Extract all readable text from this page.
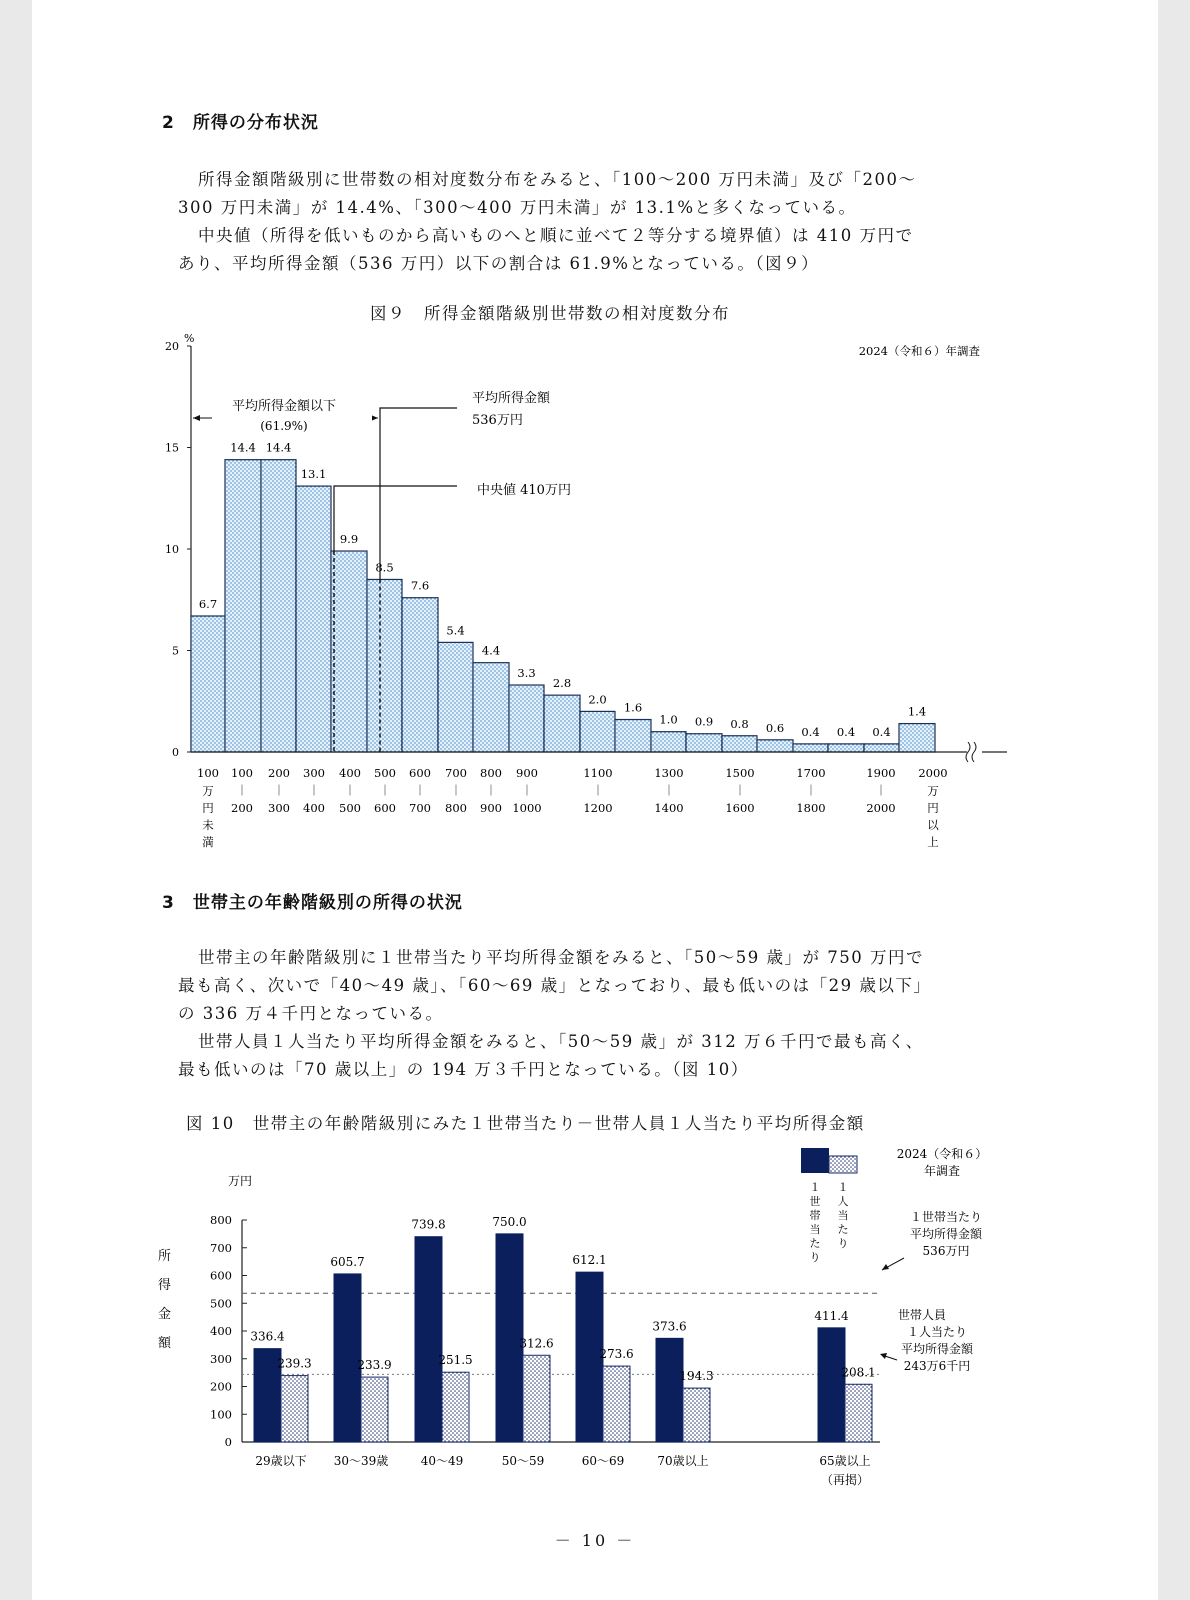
2　所得の分布状況
所得金額階級別に世帯数の相対度数分布をみると、「100～200 万円未満」及び「200～
300 万円未満」が 14.4%、「300～400 万円未満」が 13.1%と多くなっている。
中央値（所得を低いものから高いものへと順に並べて２等分する境界値）は 410 万円で
あり、平均所得金額（536 万円）以下の割合は 61.9%となっている。（図９）
図９　所得金額階級別世帯数の相対度数分布
%
0
5
10
15
20
6.7
14.4 14.4
13.1
9.9
8.5
7.6
5.4
4.4
3.3
2.8
2.0
1.6
1.0 0.9 0.8 0.6 0.4 0.4 0.4
1.4
中央値 410万円
平均所得金額
536万円
平均所得金額以下
(61.9%)
2024（令和６）年調査
100 100 200 300 400 500 600 700 800 900	1100	1300	1500	1700	1900 2000
万
円
未
満
万
円
以
上
｜
200
｜
300
｜
400
｜
500
｜
600
｜
700
｜
800
｜
900
｜
1000
｜
1200
｜
1400
｜
1600
｜
1800
｜
2000
3　世帯主の年齢階級別の所得の状況
世帯主の年齢階級別に１世帯当たり平均所得金額をみると、「50～59 歳」が 750 万円で
最も高く、次いで「40～49 歳」、「60～69 歳」となっており、最も低いのは「29 歳以下」
の 336 万４千円となっている。
世帯人員１人当たり平均所得金額をみると、「50～59 歳」が 312 万６千円で最も高く、
最も低いのは「70 歳以上」の 194 万３千円となっている。（図 10）
図 10　世帯主の年齢階級別にみた１世帯当たり－世帯人員１人当たり平均所得金額
万円
所
得
金
額
0
100
200
300
400
500
600
700
800
336.4
239.3
29歳以下
605.7
233.9
30～39歳
739.8
251.5
40～49
750.0
312.6
50～59
612.1
273.6
60～69
373.6
194.3
70歳以上
411.4
208.1
65歳以上
（再掲）
１
世
帯
当
た
り
１
人
当
た
り
2024（令和６）
年調査
１世帯当たり
平均所得金額
536万円
世帯人員
１人当たり
平均所得金額
243万6千円
－ 10 －
